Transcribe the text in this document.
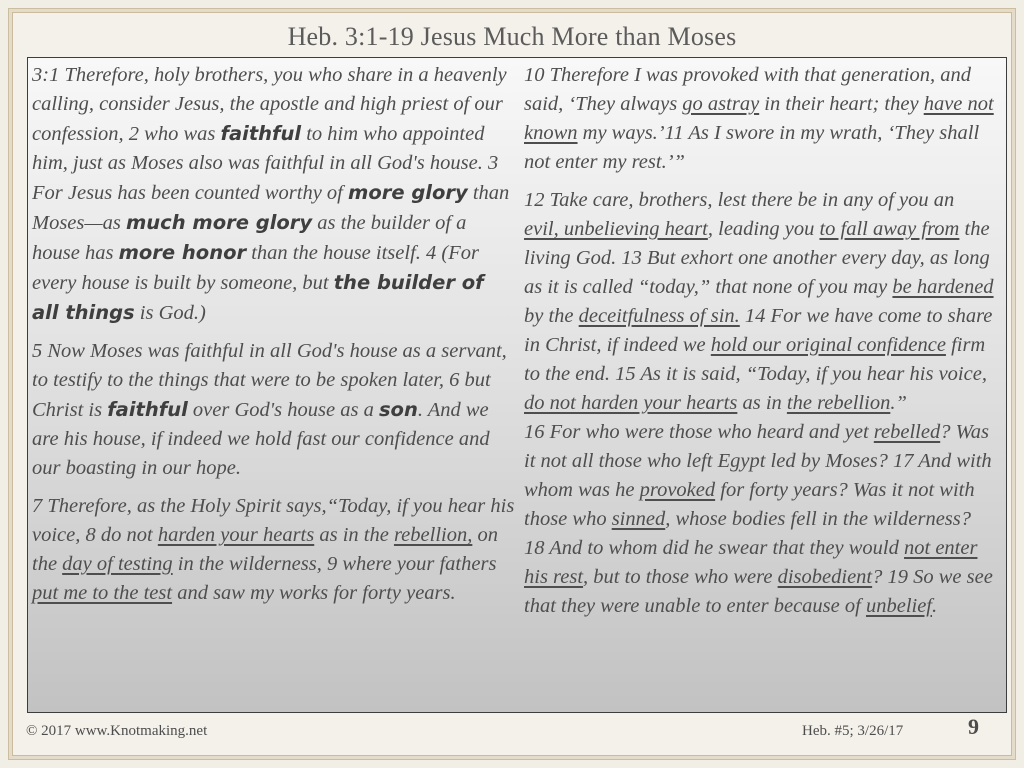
Heb. 3:1-19 Jesus Much More than Moses

3:1 Therefore, holy brothers, you who share in a heavenly calling, consider Jesus, the apostle and high priest of our confession, 2 who was faithful to him who appointed him, just as Moses also was faithful in all God's house. 3 For Jesus has been counted worthy of more glory than Moses—as much more glory as the builder of a house has more honor than the house itself. 4 (For every house is built by someone, but the builder of all things is God.)

5 Now Moses was faithful in all God's house as a servant, to testify to the things that were to be spoken later, 6 but Christ is faithful over God's house as a son. And we are his house, if indeed we hold fast our confidence and our boasting in our hope.

7 Therefore, as the Holy Spirit says,“Today, if you hear his voice, 8 do not harden your hearts as in the rebellion, on the day of testing in the wilderness, 9 where your fathers put me to the test and saw my works for forty years.

10 Therefore I was provoked with that generation, and said, ‘They always go astray in their heart; they have not known my ways.’11 As I swore in my wrath, ‘They shall not enter my rest.’”

12 Take care, brothers, lest there be in any of you an evil, unbelieving heart, leading you to fall away from the living God. 13 But exhort one another every day, as long as it is called “today,” that none of you may be hardened by the deceitfulness of sin. 14 For we have come to share in Christ, if indeed we hold our original confidence firm to the end. 15 As it is said, “Today, if you hear his voice, do not harden your hearts as in the rebellion.”

16 For who were those who heard and yet rebelled? Was it not all those who left Egypt led by Moses? 17 And with whom was he provoked for forty years? Was it not with those who sinned, whose bodies fell in the wilderness? 18 And to whom did he swear that they would not enter his rest, but to those who were disobedient? 19 So we see that they were unable to enter because of unbelief.

© 2017 www.Knotmaking.net	Heb. #5; 3/26/17	9
